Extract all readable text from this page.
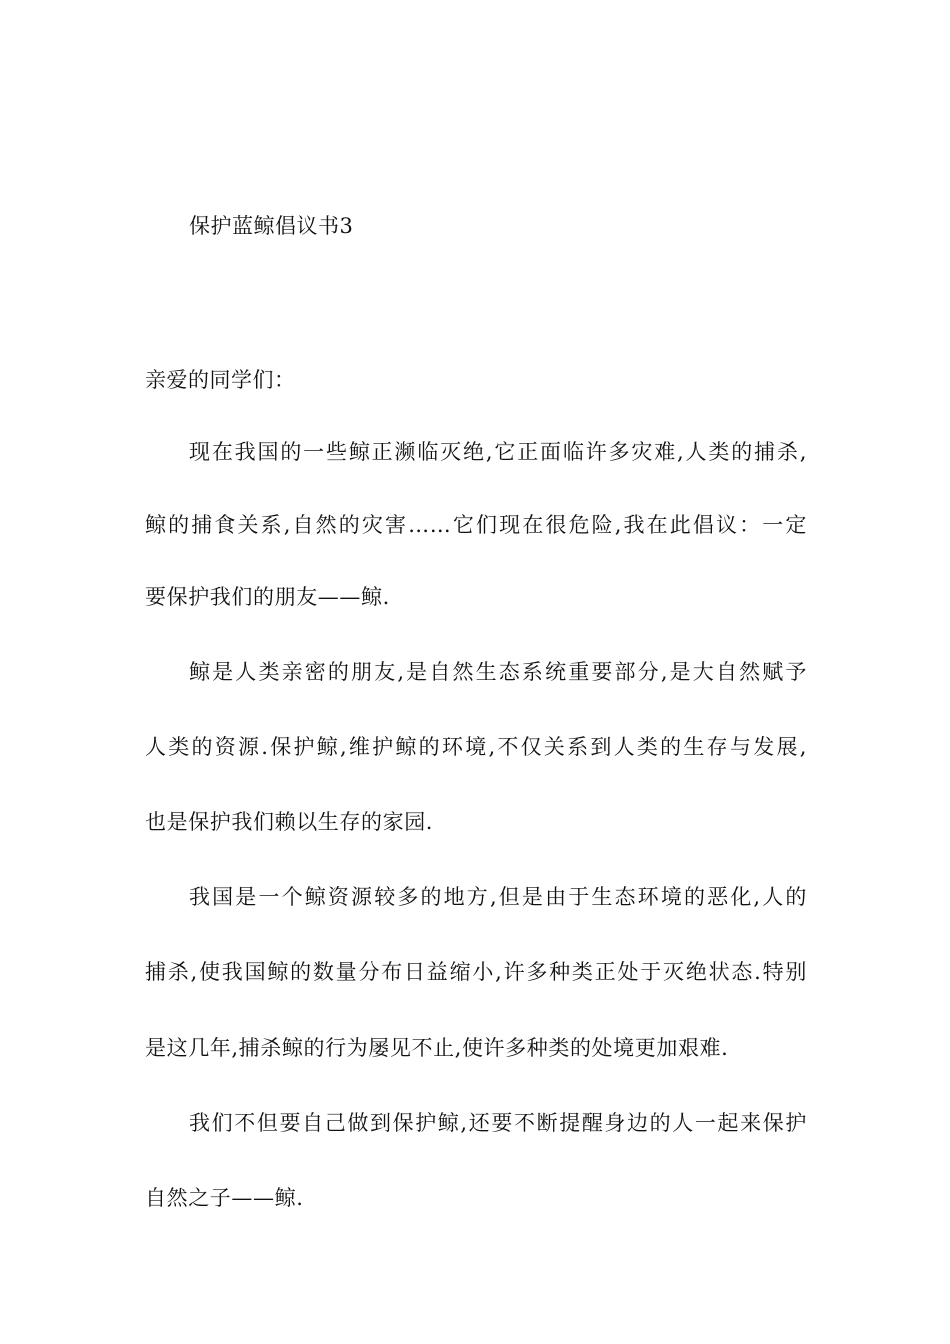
保护蓝鲸倡议书3
亲爱的同学们：
现在我国的一些鲸正濒临灭绝,它正面临许多灾难,人类的捕杀,
鲸的捕食关系,自然的灾害……它们现在很危险,我在此倡议：一定
要保护我们的朋友——鲸.
鲸是人类亲密的朋友,是自然生态系统重要部分,是大自然赋予
人类的资源.保护鲸,维护鲸的环境,不仅关系到人类的生存与发展,
也是保护我们赖以生存的家园.
我国是一个鲸资源较多的地方,但是由于生态环境的恶化,人的
捕杀,使我国鲸的数量分布日益缩小,许多种类正处于灭绝状态.特别
是这几年,捕杀鲸的行为屡见不止,使许多种类的处境更加艰难.
我们不但要自己做到保护鲸,还要不断提醒身边的人一起来保护
自然之子——鲸.
